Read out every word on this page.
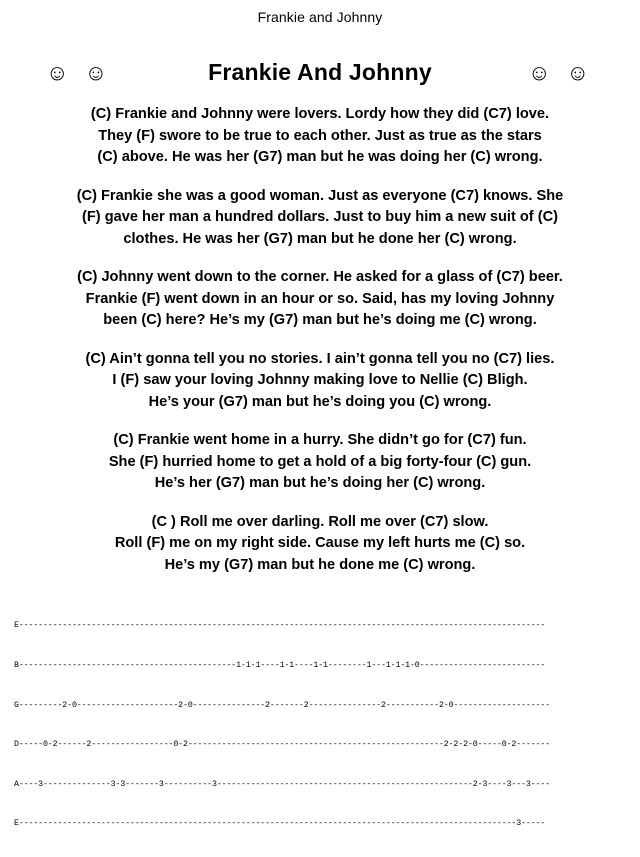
Frankie and Johnny
☺ ☺	Frankie And Johnny	☺ ☺
(C) Frankie and Johnny were lovers. Lordy how they did (C7) love.
They (F) swore to be true to each other. Just as true as the stars
(C) above. He was her (G7) man but he was doing her (C) wrong.
(C) Frankie she was a good woman. Just as everyone (C7) knows. She
(F) gave her man a hundred dollars. Just to buy him a new suit of (C)
clothes. He was her (G7) man but he done her (C) wrong.
(C) Johnny went down to the corner. He asked for a glass of (C7) beer.
Frankie (F) went down in an hour or so. Said, has my loving Johnny
been (C) here? He’s my (G7) man but he’s doing me (C) wrong.
(C) Ain’t gonna tell you no stories. I ain’t gonna tell you no (C7) lies.
I (F) saw your loving Johnny making love to Nellie (C) Bligh.
He’s your (G7) man but he’s doing you (C) wrong.
(C) Frankie went home in a hurry. She didn’t go for (C7) fun.
She (F) hurried home to get a hold of a big forty-four (C) gun.
He’s her (G7) man but he’s doing her (C) wrong.
(C ) Roll me over darling. Roll me over (C7) slow.
Roll (F) me on my right side. Cause my left hurts me (C) so.
He’s my (G7) man but he done me (C) wrong.

E-------------------------------------------------------------------------------------------------------------

B---------------------------------------------1-1-1----1-1----1-1--------1---1-1-1-0--------------------------

G---------2-0---------------------2-0---------------2-------2---------------2-----------2-0--------------------

D-----0-2------2-----------------0-2-----------------------------------------------------2-2-2-0-----0-2-------

A----3--------------3-3-------3----------3-----------------------------------------------------2-3----3---3----

E-------------------------------------------------------------------------------------------------------3-----
